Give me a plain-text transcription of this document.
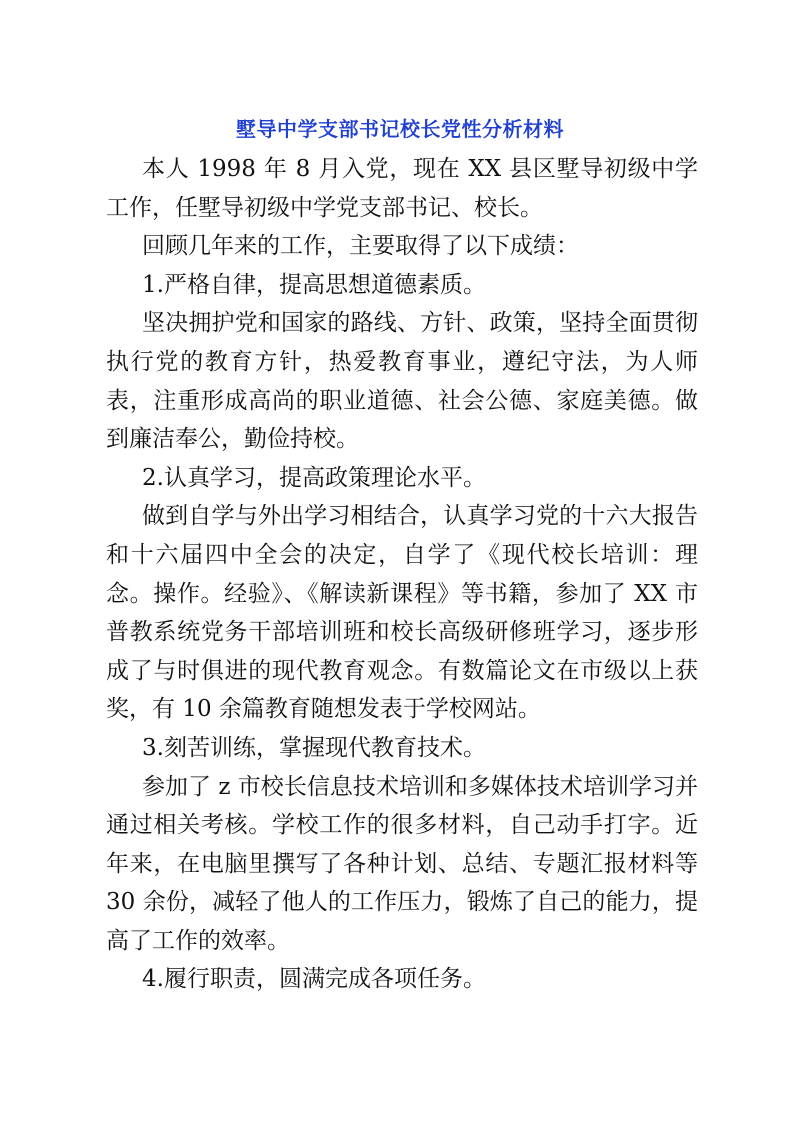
墅导中学支部书记校长党性分析材料

本人 1998 年 8 月入党，现在 XX 县区墅导初级中学工作，任墅导初级中学党支部书记、校长。

回顾几年来的工作，主要取得了以下成绩：

1.严格自律，提高思想道德素质。

坚决拥护党和国家的路线、方针、政策，坚持全面贯彻执行党的教育方针，热爱教育事业，遵纪守法，为人师表，注重形成高尚的职业道德、社会公德、家庭美德。做到廉洁奉公，勤俭持校。

2.认真学习，提高政策理论水平。

做到自学与外出学习相结合，认真学习党的十六大报告和十六届四中全会的决定，自学了《现代校长培训：理念。操作。经验》、《解读新课程》等书籍，参加了 XX 市普教系统党务干部培训班和校长高级研修班学习，逐步形成了与时俱进的现代教育观念。有数篇论文在市级以上获奖，有 10 余篇教育随想发表于学校网站。

3.刻苦训练，掌握现代教育技术。

参加了 z 市校长信息技术培训和多媒体技术培训学习并通过相关考核。学校工作的很多材料，自己动手打字。近年来，在电脑里撰写了各种计划、总结、专题汇报材料等 30 余份，减轻了他人的工作压力，锻炼了自己的能力，提高了工作的效率。

4.履行职责，圆满完成各项任务。
